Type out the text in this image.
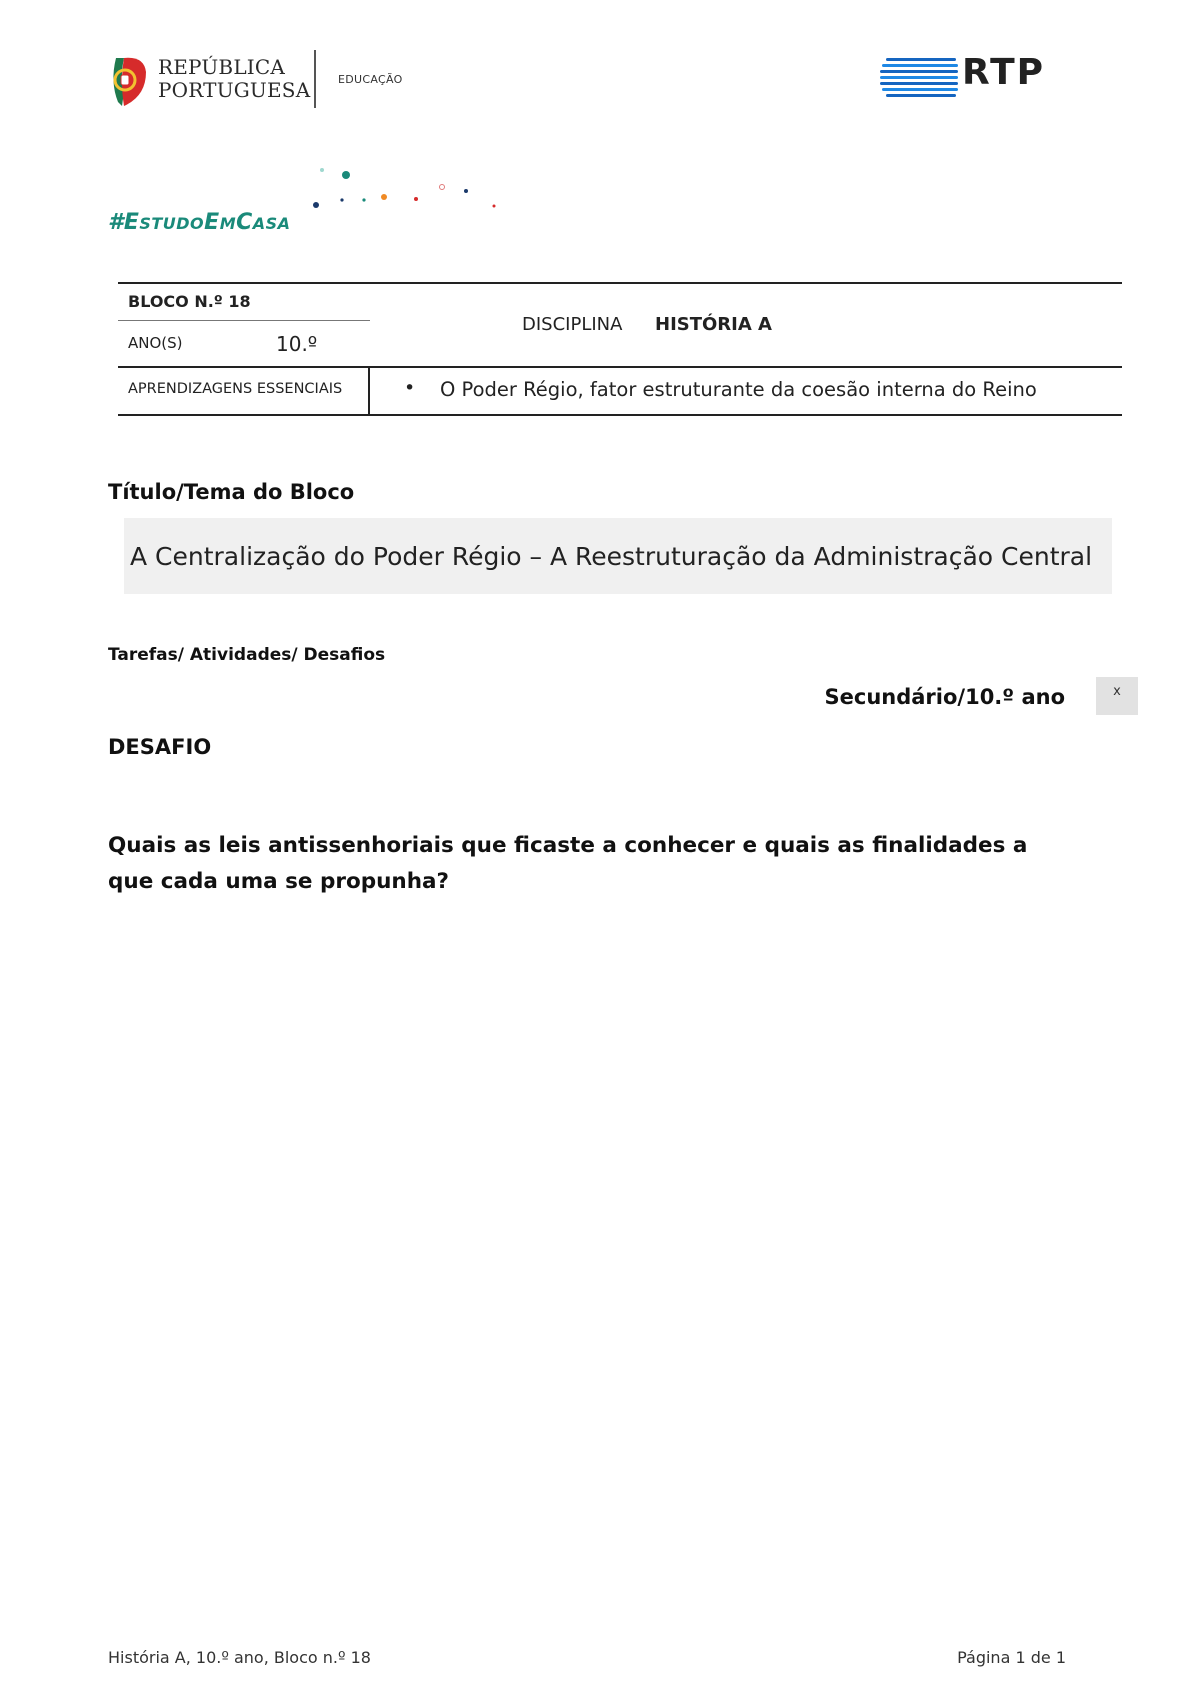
REPÚBLICA
PORTUGUESA	EDUCAÇÃO	RTP
#ESTUDOEMCASA
BLOCO N.º 18
ANO(S)	10.º
DISCIPLINA HISTÓRIA A
APRENDIZAGENS ESSENCIAIS	• O Poder Régio, fator estruturante da coesão interna do Reino
Título/Tema do Bloco
A Centralização do Poder Régio – A Reestruturação da Administração Central
Tarefas/ Atividades/ Desafios
Secundário/10.º ano	x
DESAFIO
Quais as leis antissenhoriais que ficaste a conhecer e quais as finalidades a que cada uma se propunha?
História A, 10.º ano, Bloco n.º 18	Página 1 de 1
